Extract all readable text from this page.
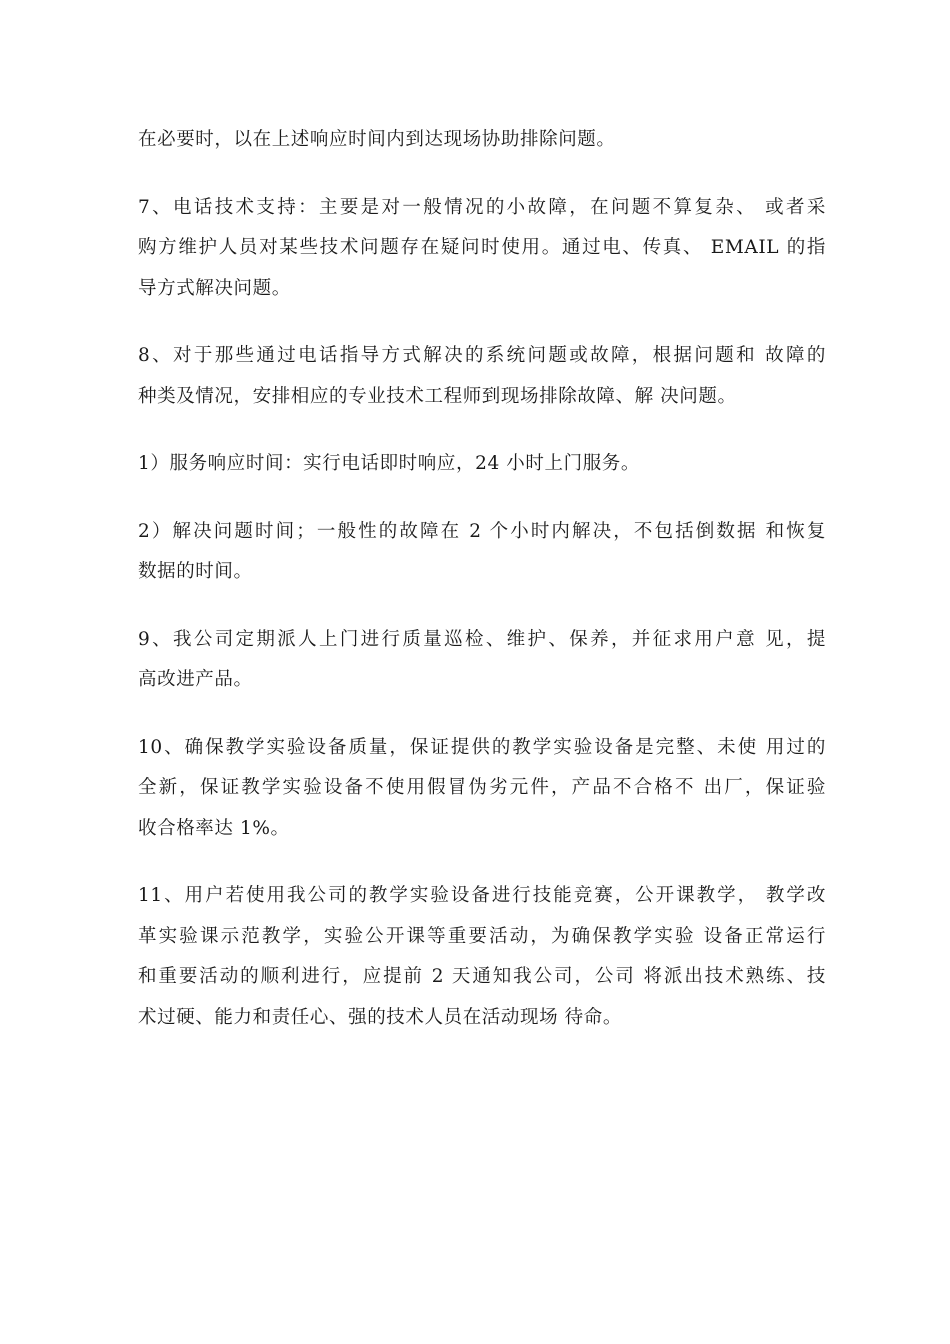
在必要时，以在上述响应时间内到达现场协助排除问题。

7、电话技术支持：主要是对一般情况的小故障，在问题不算复杂、 或者采
购方维护人员对某些技术问题存在疑问时使用。通过电、传真、 EMAIL 的指
导方式解决问题。

8、对于那些通过电话指导方式解决的系统问题或故障，根据问题和 故障的
种类及情况，安排相应的专业技术工程师到现场排除故障、解 决问题。

1）服务响应时间：实行电话即时响应，24 小时上门服务。

2）解决问题时间；一般性的故障在 2 个小时内解决，不包括倒数据 和恢复
数据的时间。

9、我公司定期派人上门进行质量巡检、维护、保养，并征求用户意 见，提
高改进产品。

10、确保教学实验设备质量，保证提供的教学实验设备是完整、未使 用过的
全新，保证教学实验设备不使用假冒伪劣元件，产品不合格不 出厂，保证验
收合格率达 1%。

11、用户若使用我公司的教学实验设备进行技能竞赛，公开课教学， 教学改
革实验课示范教学，实验公开课等重要活动，为确保教学实验 设备正常运行
和重要活动的顺利进行，应提前 2 天通知我公司，公司 将派出技术熟练、技
术过硬、能力和责任心、强的技术人员在活动现场 待命。
